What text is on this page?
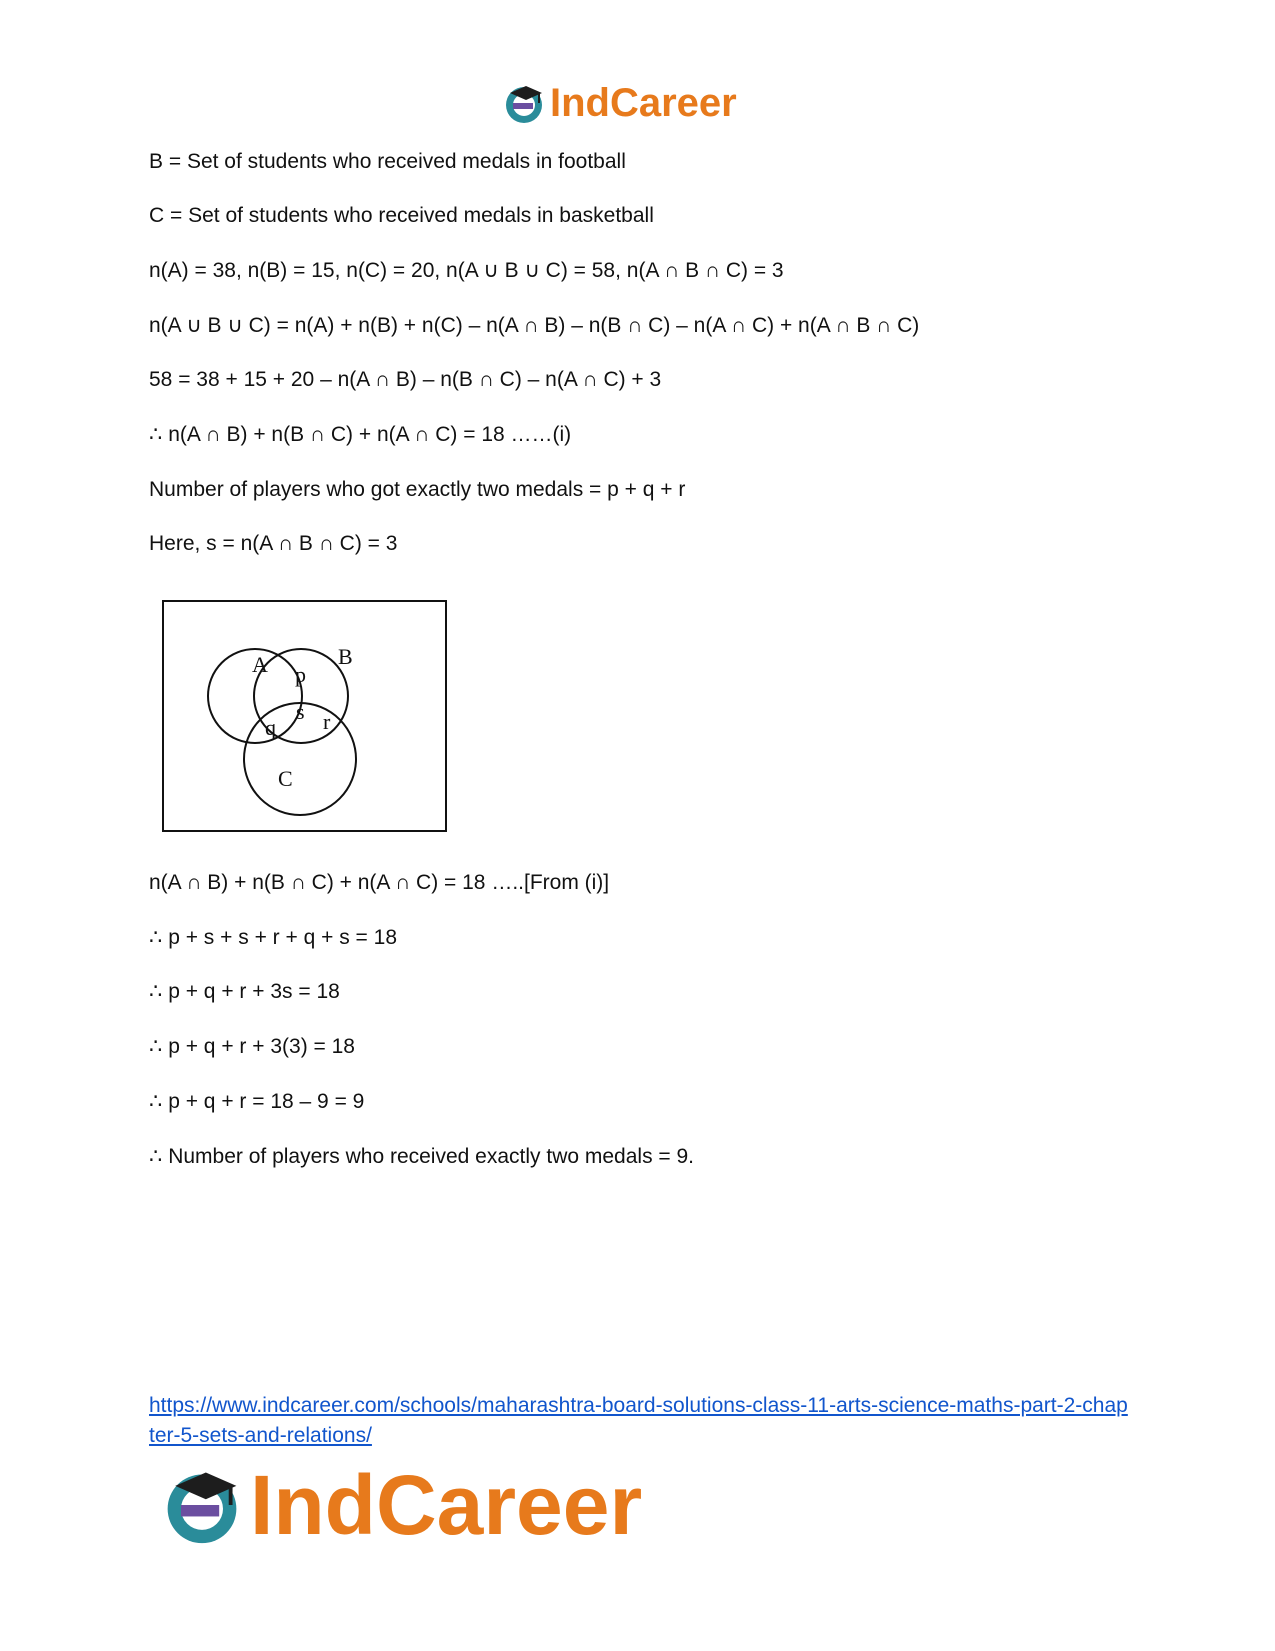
IndCareer
B = Set of students who received medals in football
C = Set of students who received medals in basketball
n(A) = 38, n(B) = 15, n(C) = 20, n(A ∪ B ∪ C) = 58, n(A ∩ B ∩ C) = 3
n(A ∪ B ∪ C) = n(A) + n(B) + n(C) – n(A ∩ B) – n(B ∩ C) – n(A ∩ C) + n(A ∩ B ∩ C)
58 = 38 + 15 + 20 – n(A ∩ B) – n(B ∩ C) – n(A ∩ C) + 3
∴ n(A ∩ B) + n(B ∩ C) + n(A ∩ C) = 18 ……(i)
Number of players who got exactly two medals = p + q + r
Here, s = n(A ∩ B ∩ C) = 3
A	B
p
s
q r
C
n(A ∩ B) + n(B ∩ C) + n(A ∩ C) = 18 …..[From (i)]
∴ p + s + s + r + q + s = 18
∴ p + q + r + 3s = 18
∴ p + q + r + 3(3) = 18
∴ p + q + r = 18 – 9 = 9
∴ Number of players who received exactly two medals = 9.
https://www.indcareer.com/schools/maharashtra-board-solutions-class-11-arts-science-maths-part-2-chapter-5-sets-and-relations/
IndCareer
